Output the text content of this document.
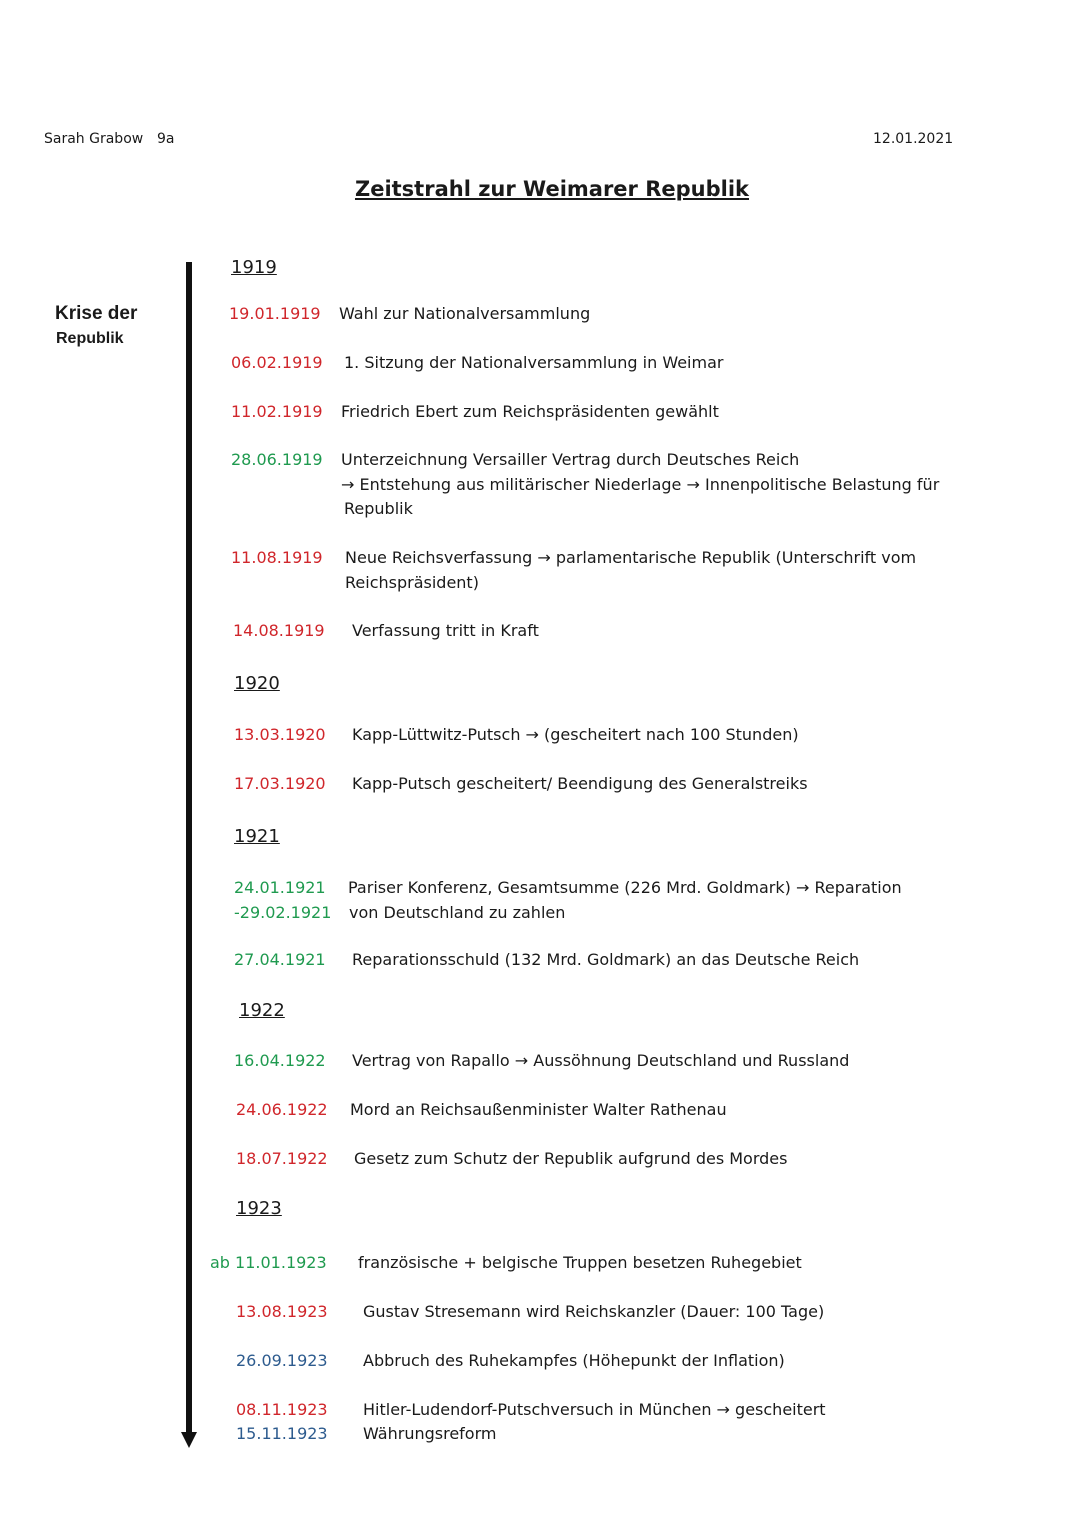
Sarah Grabow 9a	12.01.2021
Zeitstrahl zur Weimarer Republik
Krise der
Republik
1919
1920
1921
1922
1923
19.01.1919 Wahl zur Nationalversammlung
06.02.1919 1. Sitzung der Nationalversammlung in Weimar
11.02.1919 Friedrich Ebert zum Reichspräsidenten gewählt
28.06.1919 Unterzeichnung Versailler Vertrag durch Deutsches Reich
→ Entstehung aus militärischer Niederlage → Innenpolitische Belastung für
Republik
11.08.1919 Neue Reichsverfassung → parlamentarische Republik (Unterschrift vom
Reichspräsident)
14.08.1919 Verfassung tritt in Kraft
13.03.1920 Kapp-Lüttwitz-Putsch → (gescheitert nach 100 Stunden)
17.03.1920 Kapp-Putsch gescheitert/ Beendigung des Generalstreiks
24.01.1921
-29.02.1921
Pariser Konferenz, Gesamtsumme (226 Mrd. Goldmark) → Reparation
von Deutschland zu zahlen
27.04.1921 Reparationsschuld (132 Mrd. Goldmark) an das Deutsche Reich
16.04.1922 Vertrag von Rapallo → Aussöhnung Deutschland und Russland
24.06.1922 Mord an Reichsaußenminister Walter Rathenau
18.07.1922 Gesetz zum Schutz der Republik aufgrund des Mordes
ab 11.01.1923 französische + belgische Truppen besetzen Ruhegebiet
13.08.1923 Gustav Stresemann wird Reichskanzler (Dauer: 100 Tage)
26.09.1923 Abbruch des Ruhekampfes (Höhepunkt der Inflation)
08.11.1923 Hitler-Ludendorf-Putschversuch in München → gescheitert
15.11.1923 Währungsreform
